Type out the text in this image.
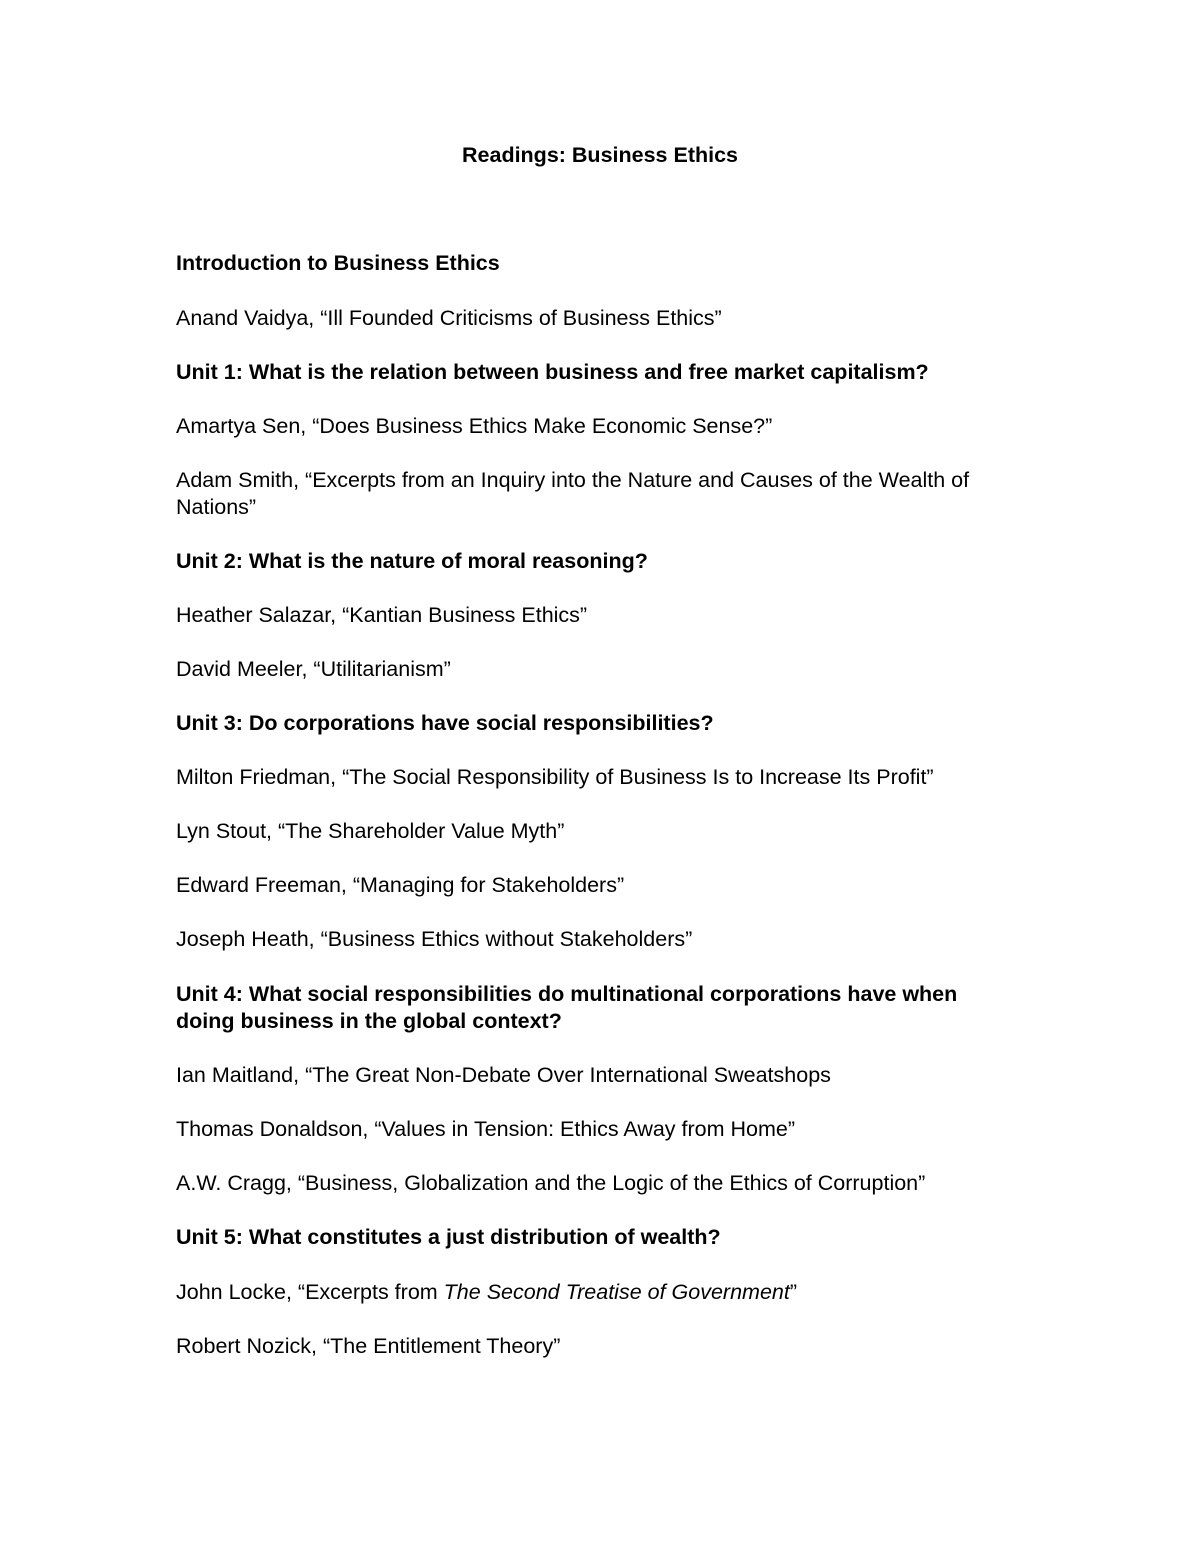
Readings: Business Ethics

Introduction to Business Ethics

Anand Vaidya, “Ill Founded Criticisms of Business Ethics”

Unit 1: What is the relation between business and free market capitalism?

Amartya Sen, “Does Business Ethics Make Economic Sense?”

Adam Smith, “Excerpts from an Inquiry into the Nature and Causes of the Wealth of Nations”

Unit 2: What is the nature of moral reasoning?

Heather Salazar, “Kantian Business Ethics”

David Meeler, “Utilitarianism”

Unit 3: Do corporations have social responsibilities?

Milton Friedman, “The Social Responsibility of Business Is to Increase Its Profit”

Lyn Stout, “The Shareholder Value Myth”

Edward Freeman, “Managing for Stakeholders”

Joseph Heath, “Business Ethics without Stakeholders”

Unit 4: What social responsibilities do multinational corporations have when doing business in the global context?

Ian Maitland, “The Great Non-Debate Over International Sweatshops

Thomas Donaldson, “Values in Tension: Ethics Away from Home”

A.W. Cragg, “Business, Globalization and the Logic of the Ethics of Corruption”

Unit 5: What constitutes a just distribution of wealth?

John Locke, “Excerpts from The Second Treatise of Government”

Robert Nozick, “The Entitlement Theory”
